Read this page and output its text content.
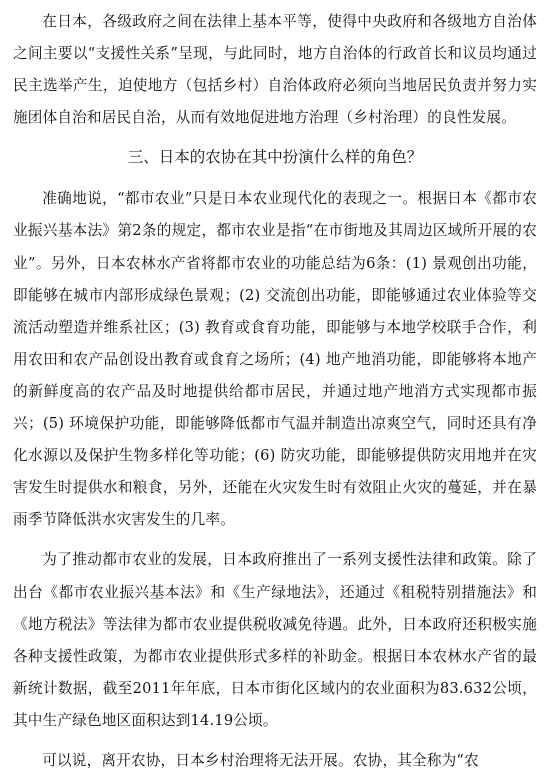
在日本，各级政府之间在法律上基本平等，使得中央政府和各级地方自治体之间主要以“支援性关系”呈现，与此同时，地方自治体的行政首长和议员均通过民主选举产生，迫使地方（包括乡村）自治体政府必须向当地居民负责并努力实施团体自治和居民自治，从而有效地促进地方治理（乡村治理）的良性发展。

三、日本的农协在其中扮演什么样的角色？

准确地说，“都市农业”只是日本农业现代化的表现之一。根据日本《都市农业振兴基本法》第2条的规定，都市农业是指“在市街地及其周边区域所开展的农业”。另外，日本农林水产省将都市农业的功能总结为6条：(1) 景观创出功能，即能够在城市内部形成绿色景观；(2) 交流创出功能，即能够通过农业体验等交流活动塑造并维系社区；(3) 教育或食育功能，即能够与本地学校联手合作，利用农田和农产品创设出教育或食育之场所；(4) 地产地消功能，即能够将本地产的新鲜度高的农产品及时地提供给都市居民，并通过地产地消方式实现都市振兴；(5) 环境保护功能，即能够降低都市气温并制造出凉爽空气，同时还具有净化水源以及保护生物多样化等功能；(6) 防灾功能，即能够提供防灾用地并在灾害发生时提供水和粮食，另外，还能在火灾发生时有效阻止火灾的蔓延，并在暴雨季节降低洪水灾害发生的几率。

为了推动都市农业的发展，日本政府推出了一系列支援性法律和政策。除了出台《都市农业振兴基本法》和《生产绿地法》，还通过《租税特别措施法》和《地方税法》等法律为都市农业提供税收减免待遇。此外，日本政府还积极实施各种支援性政策，为都市农业提供形式多样的补助金。根据日本农林水产省的最新统计数据，截至2011年年底，日本市街化区域内的农业面积为83.632公顷，其中生产绿色地区面积达到14.19公顷。

可以说，离开农协，日本乡村治理将无法开展。农协，其全称为“农
